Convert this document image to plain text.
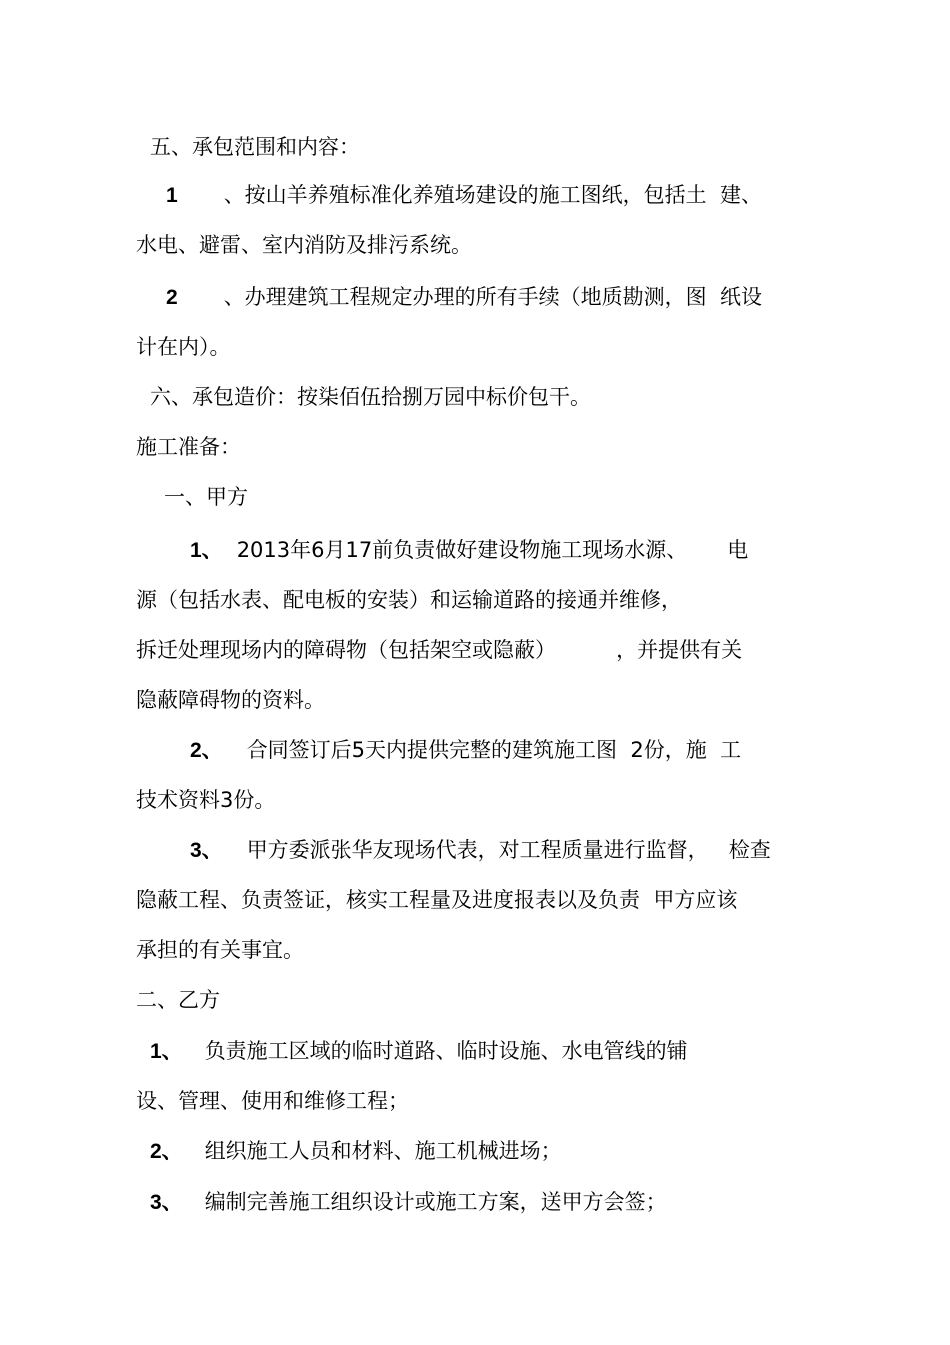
五、承包范围和内容：
1 、按山羊养殖标准化养殖场建设的施工图纸，包括土  建、
水电、避雷、室内消防及排污系统。
2 、办理建筑工程规定办理的所有手续（地质勘测，图  纸设
计在内）。
六、承包造价：按柒佰伍拾捌万园中标价包干。
施工准备：
一、甲方
1、 2013年6月17前负责做好建设物施工现场水源、      电
源（包括水表、配电板的安装）和运输道路的接通并维修，
拆迁处理现场内的障碍物（包括架空或隐蔽）         ，并提供有关
隐蔽障碍物的资料。
2、 合同签订后5天内提供完整的建筑施工图  2份，施  工
技术资料3份。
3、 甲方委派张华友现场代表，对工程质量进行监督，   检查
隐蔽工程、负责签证，核实工程量及进度报表以及负责  甲方应该
承担的有关事宜。
二、乙方
1、 负责施工区域的临时道路、临时设施、水电管线的铺
设、管理、使用和维修工程；
2、 组织施工人员和材料、施工机械进场；
3、 编制完善施工组织设计或施工方案，送甲方会签；
